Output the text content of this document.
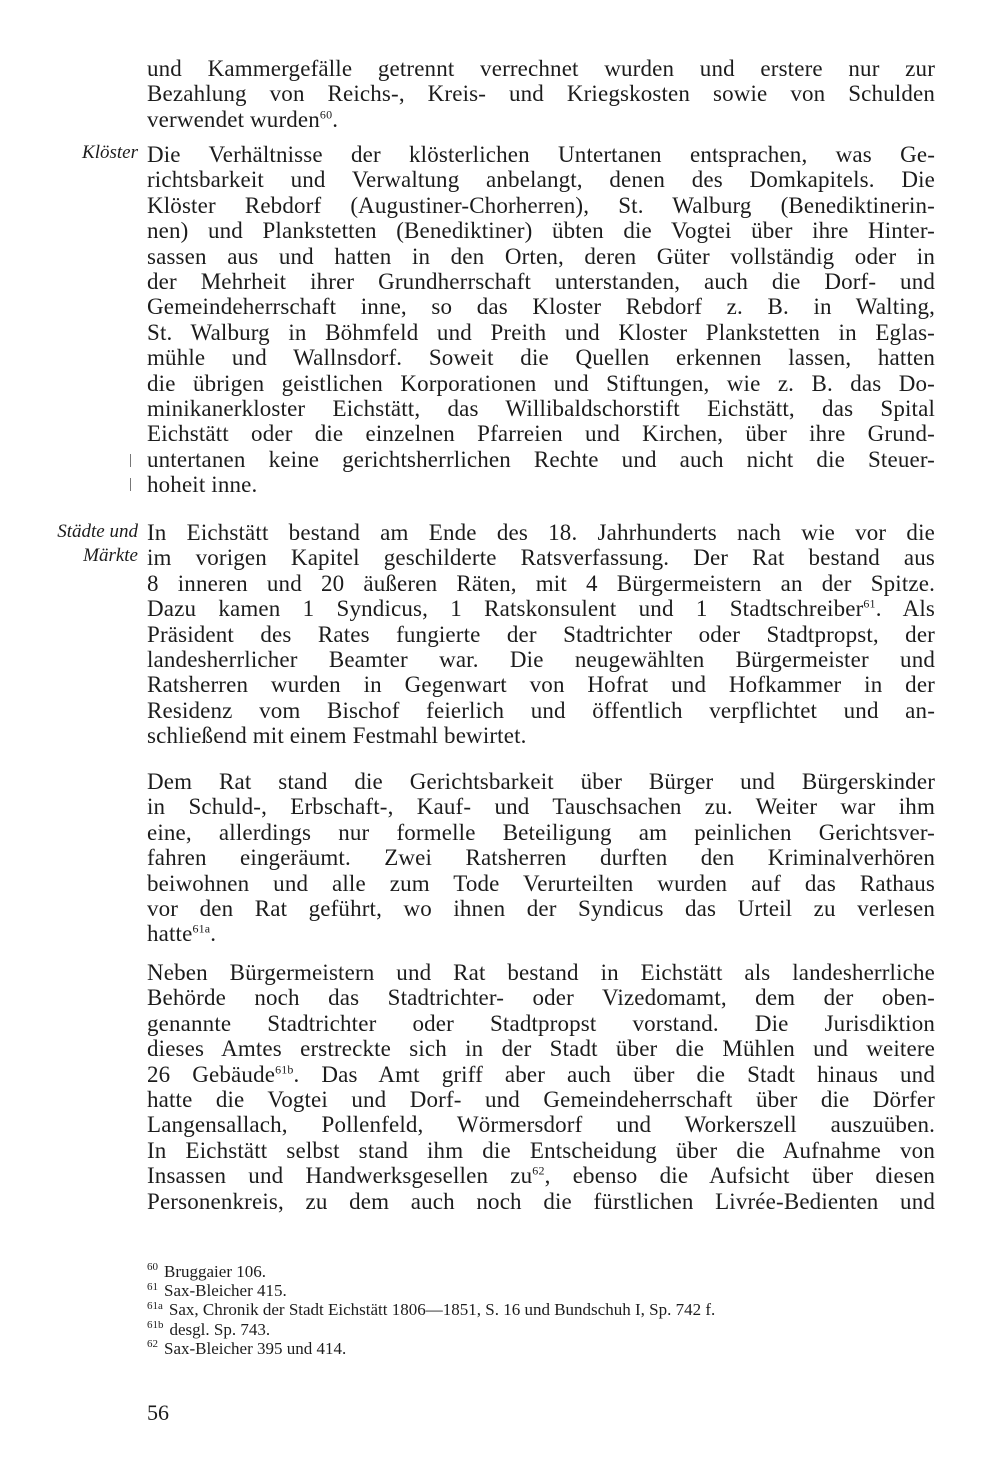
Klöster
Städte und
Märkte
und Kammergefälle getrennt verrechnet wurden und erstere nur zur
Bezahlung von Reichs-, Kreis- und Kriegskosten sowie von Schulden
verwendet wurden$^{60}$.
Die Verhältnisse der klösterlichen Untertanen entsprachen, was Ge-
richtsbarkeit und Verwaltung anbelangt, denen des Domkapitels. Die
Klöster Rebdorf (Augustiner-Chorherren), St. Walburg (Benediktinerin-
nen) und Plankstetten (Benediktiner) übten die Vogtei über ihre Hinter-
sassen aus und hatten in den Orten, deren Güter vollständig oder in
der Mehrheit ihrer Grundherrschaft unterstanden, auch die Dorf- und
Gemeindeherrschaft inne, so das Kloster Rebdorf z. B. in Walting,
St. Walburg in Böhmfeld und Preith und Kloster Plankstetten in Eglas-
mühle und Wallnsdorf. Soweit die Quellen erkennen lassen, hatten
die übrigen geistlichen Korporationen und Stiftungen, wie z. B. das Do-
minikanerkloster Eichstätt, das Willibaldschorstift Eichstätt, das Spital
Eichstätt oder die einzelnen Pfarreien und Kirchen, über ihre Grund-
untertanen keine gerichtsherrlichen Rechte und auch nicht die Steuer-
hoheit inne.
In Eichstätt bestand am Ende des 18. Jahrhunderts nach wie vor die
im vorigen Kapitel geschilderte Ratsverfassung. Der Rat bestand aus
8 inneren und 20 äußeren Räten, mit 4 Bürgermeistern an der Spitze.
Dazu kamen 1 Syndicus, 1 Ratskonsulent und 1 Stadtschreiber$^{61}$. Als
Präsident des Rates fungierte der Stadtrichter oder Stadtpropst, der
landesherrlicher Beamter war. Die neugewählten Bürgermeister und
Ratsherren wurden in Gegenwart von Hofrat und Hofkammer in der
Residenz vom Bischof feierlich und öffentlich verpflichtet und an-
schließend mit einem Festmahl bewirtet.
Dem Rat stand die Gerichtsbarkeit über Bürger und Bürgerskinder
in Schuld-, Erbschaft-, Kauf- und Tauschsachen zu. Weiter war ihm
eine, allerdings nur formelle Beteiligung am peinlichen Gerichtsver-
fahren eingeräumt. Zwei Ratsherren durften den Kriminalverhören
beiwohnen und alle zum Tode Verurteilten wurden auf das Rathaus
vor den Rat geführt, wo ihnen der Syndicus das Urteil zu verlesen
hatte$^{61a}$.
Neben Bürgermeistern und Rat bestand in Eichstätt als landesherrliche
Behörde noch das Stadtrichter- oder Vizedomamt, dem der oben-
genannte Stadtrichter oder Stadtpropst vorstand. Die Jurisdiktion
dieses Amtes erstreckte sich in der Stadt über die Mühlen und weitere
26 Gebäude$^{61b}$. Das Amt griff aber auch über die Stadt hinaus und
hatte die Vogtei und Dorf- und Gemeindeherrschaft über die Dörfer
Langensallach, Pollenfeld, Wörmersdorf und Workerszell auszuüben.
In Eichstätt selbst stand ihm die Entscheidung über die Aufnahme von
Insassen und Handwerksgesellen zu$^{62}$, ebenso die Aufsicht über diesen
Personenkreis, zu dem auch noch die fürstlichen Livrée-Bedienten und
$^{60}$ Bruggaier 106.
$^{61}$ Sax-Bleicher 415.
$^{61a}$ Sax, Chronik der Stadt Eichstätt 1806—1851, S. 16 und Bundschuh I, Sp. 742 f.
$^{61b}$ desgl. Sp. 743.
$^{62}$ Sax-Bleicher 395 und 414.
56
